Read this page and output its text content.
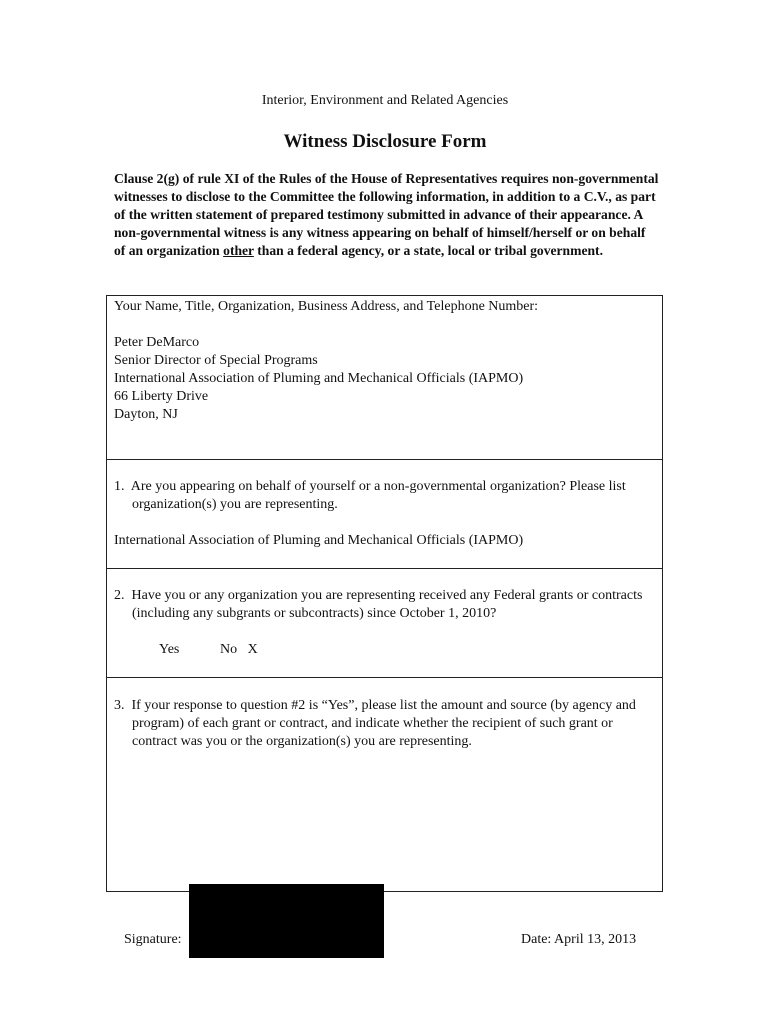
Interior, Environment and Related Agencies
Witness Disclosure Form
Clause 2(g) of rule XI of the Rules of the House of Representatives requires non-governmental witnesses to disclose to the Committee the following information, in addition to a C.V., as part of the written statement of prepared testimony submitted in advance of their appearance. A non-governmental witness is any witness appearing on behalf of himself/herself or on behalf of an organization other than a federal agency, or a state, local or tribal government.
Your Name, Title, Organization, Business Address, and Telephone Number:
Peter DeMarco
Senior Director of Special Programs
International Association of Pluming and Mechanical Officials (IAPMO)
66 Liberty Drive
Dayton, NJ
1. Are you appearing on behalf of yourself or a non-governmental organization? Please list organization(s) you are representing.
International Association of Pluming and Mechanical Officials (IAPMO)
2. Have you or any organization you are representing received any Federal grants or contracts (including any subgrants or subcontracts) since October 1, 2010?
Yes	No X
3. If your response to question #2 is “Yes”, please list the amount and source (by agency and program) of each grant or contract, and indicate whether the recipient of such grant or contract was you or the organization(s) you are representing.
Signature:	Date: April 13, 2013
